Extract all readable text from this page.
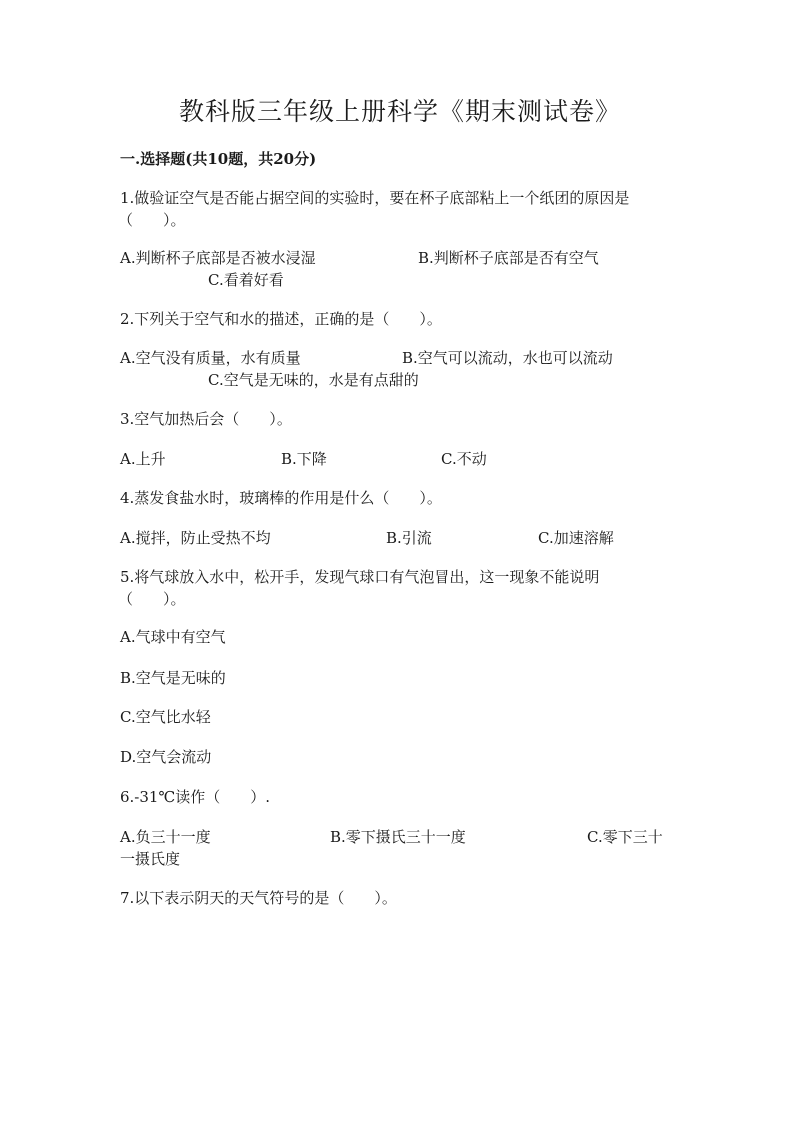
教科版三年级上册科学《期末测试卷》
一.选择题(共10题，共20分)
1.做验证空气是否能占据空间的实验时，要在杯子底部粘上一个纸团的原因是
（　　）。
A.判断杯子底部是否被水浸湿	B.判断杯子底部是否有空气
C.看着好看
2.下列关于空气和水的描述，正确的是（　　）。
A.空气没有质量，水有质量	B.空气可以流动，水也可以流动
C.空气是无味的，水是有点甜的
3.空气加热后会（　　）。
A.上升	B.下降	C.不动
4.蒸发食盐水时，玻璃棒的作用是什么（　　）。
A.搅拌，防止受热不均	B.引流	C.加速溶解
5.将气球放入水中，松开手，发现气球口有气泡冒出，这一现象不能说明
（　　）。
A.气球中有空气
B.空气是无味的
C.空气比水轻
D.空气会流动
6.-31℃读作（　　）.
A.负三十一度	B.零下摄氏三十一度	C.零下三十
一摄氏度
7.以下表示阴天的天气符号的是（　　）。
